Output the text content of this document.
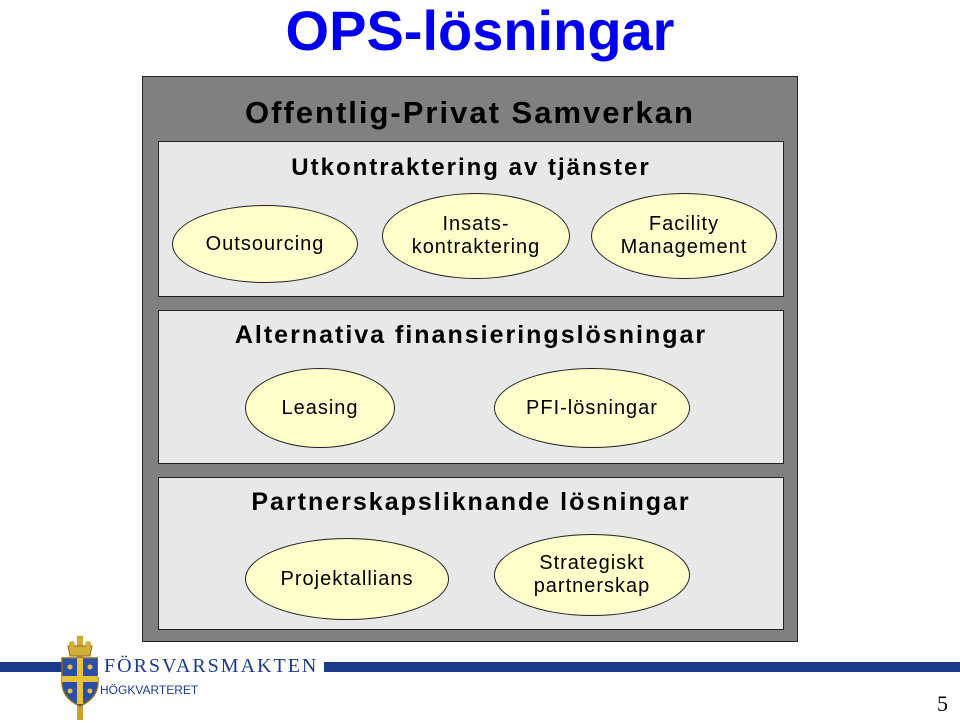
OPS-lösningar
Offentlig-Privat Samverkan
Utkontraktering av tjänster
Outsourcing
Insats-
kontraktering
Facility
Management
Alternativa finansieringslösningar
Leasing	PFI-lösningar
Partnerskapsliknande lösningar
Projektallians
Strategiskt
partnerskap
FÖRSVARSMAKTEN
HÖGKVARTERET
5
